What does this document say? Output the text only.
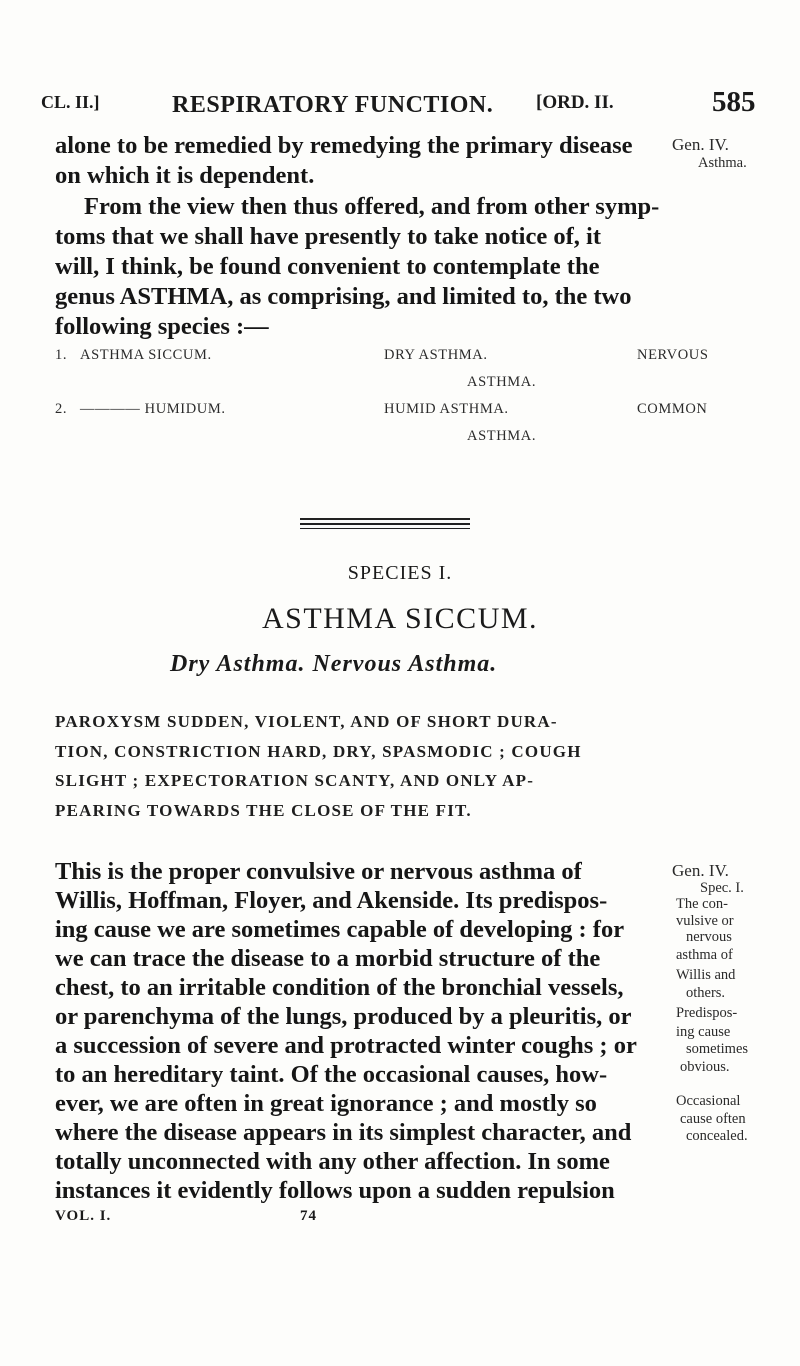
CL. II.]	RESPIRATORY FUNCTION. [ORD. II.	585
alone to be remedied by remedying the primary disease
on which it is dependent.
From the view then thus offered, and from other symp-
toms that we shall have presently to take notice of, it
will, I think, be found convenient to contemplate the
genus ASTHMA, as comprising, and limited to, the two
following species :—
Gen. IV.
Asthma.
1. ASTHMA SICCUM.	DRY ASTHMA.	NERVOUS
ASTHMA.
2. ———— HUMIDUM.	HUMID ASTHMA.	COMMON
ASTHMA.
SPECIES I.
ASTHMA SICCUM.
Dry Asthma. Nervous Asthma.
PAROXYSM SUDDEN, VIOLENT, AND OF SHORT DURA-
TION, CONSTRICTION HARD, DRY, SPASMODIC ; COUGH
SLIGHT ; EXPECTORATION SCANTY, AND ONLY AP-
PEARING TOWARDS THE CLOSE OF THE FIT.
This is the proper convulsive or nervous asthma of
Willis, Hoffman, Floyer, and Akenside. Its predispos-
ing cause we are sometimes capable of developing : for
we can trace the disease to a morbid structure of the
chest, to an irritable condition of the bronchial vessels,
or parenchyma of the lungs, produced by a pleuritis, or
a succession of severe and protracted winter coughs ; or
to an hereditary taint. Of the occasional causes, how-
ever, we are often in great ignorance ; and mostly so
where the disease appears in its simplest character, and
totally unconnected with any other affection. In some
instances it evidently follows upon a sudden repulsion
Gen. IV.
Spec. I.
The con-
vulsive or
nervous
asthma of
Willis and
others.
Predispos-
ing cause
sometimes
obvious.
Occasional
cause often
concealed.
VOL. I.	74
